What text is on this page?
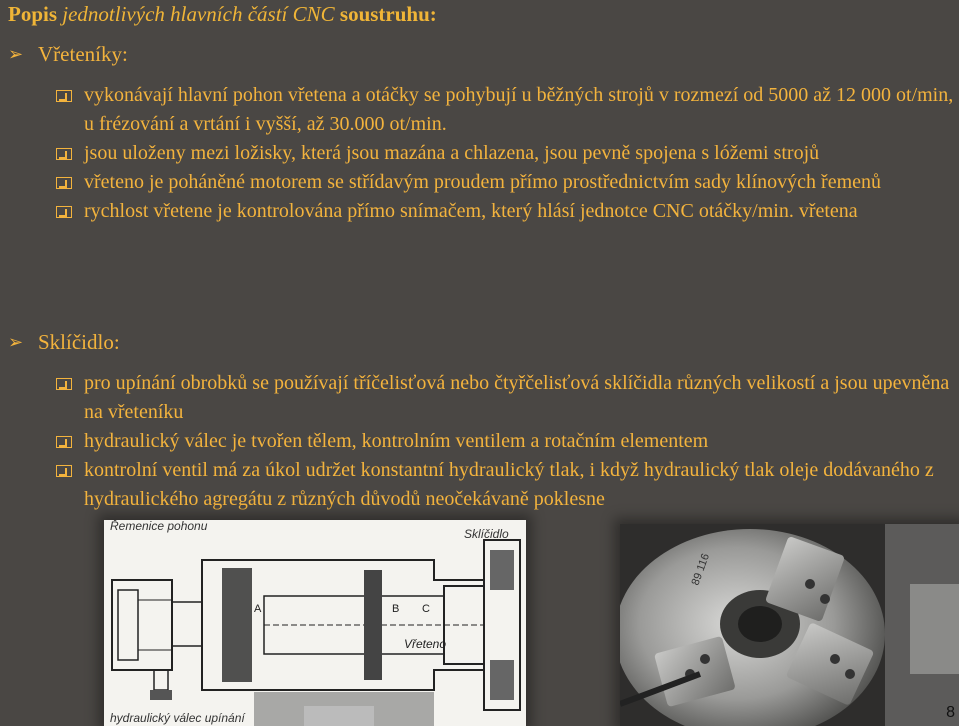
Popis jednotlivých hlavních částí CNC soustruhu:
➢ Vřeteníky:
vykonávají hlavní pohon vřetena a otáčky se pohybují u běžných strojů v rozmezí od 5000 až 12 000 ot/min, u frézování a vrtání i vyšší, až 30.000 ot/min.
jsou uloženy mezi ložisky, která jsou mazána a chlazena, jsou pevně spojena s lóžemi strojů
vřeteno je poháněné motorem se střídavým proudem přímo prostřednictvím sady klínových řemenů
rychlost vřetene je kontrolována přímo snímačem, který hlásí jednotce CNC otáčky/min. vřetena
➢ Sklíčidlo:
pro upínání obrobků se používají tříčelisťová nebo čtyřčelisťová sklíčidla různých velikostí a jsou upevněna na vřeteníku
hydraulický válec je tvořen tělem, kontrolním ventilem a rotačním elementem
kontrolní ventil má za úkol udržet konstantní hydraulický tlak, i když hydraulický tlak oleje dodávaného z hydraulického agregátu z různých důvodů neočekávaně poklesne
A	B C
Řemenice pohonu
Sklíčidlo
Vřeteno
hydraulický válec upínání
89 116
8
